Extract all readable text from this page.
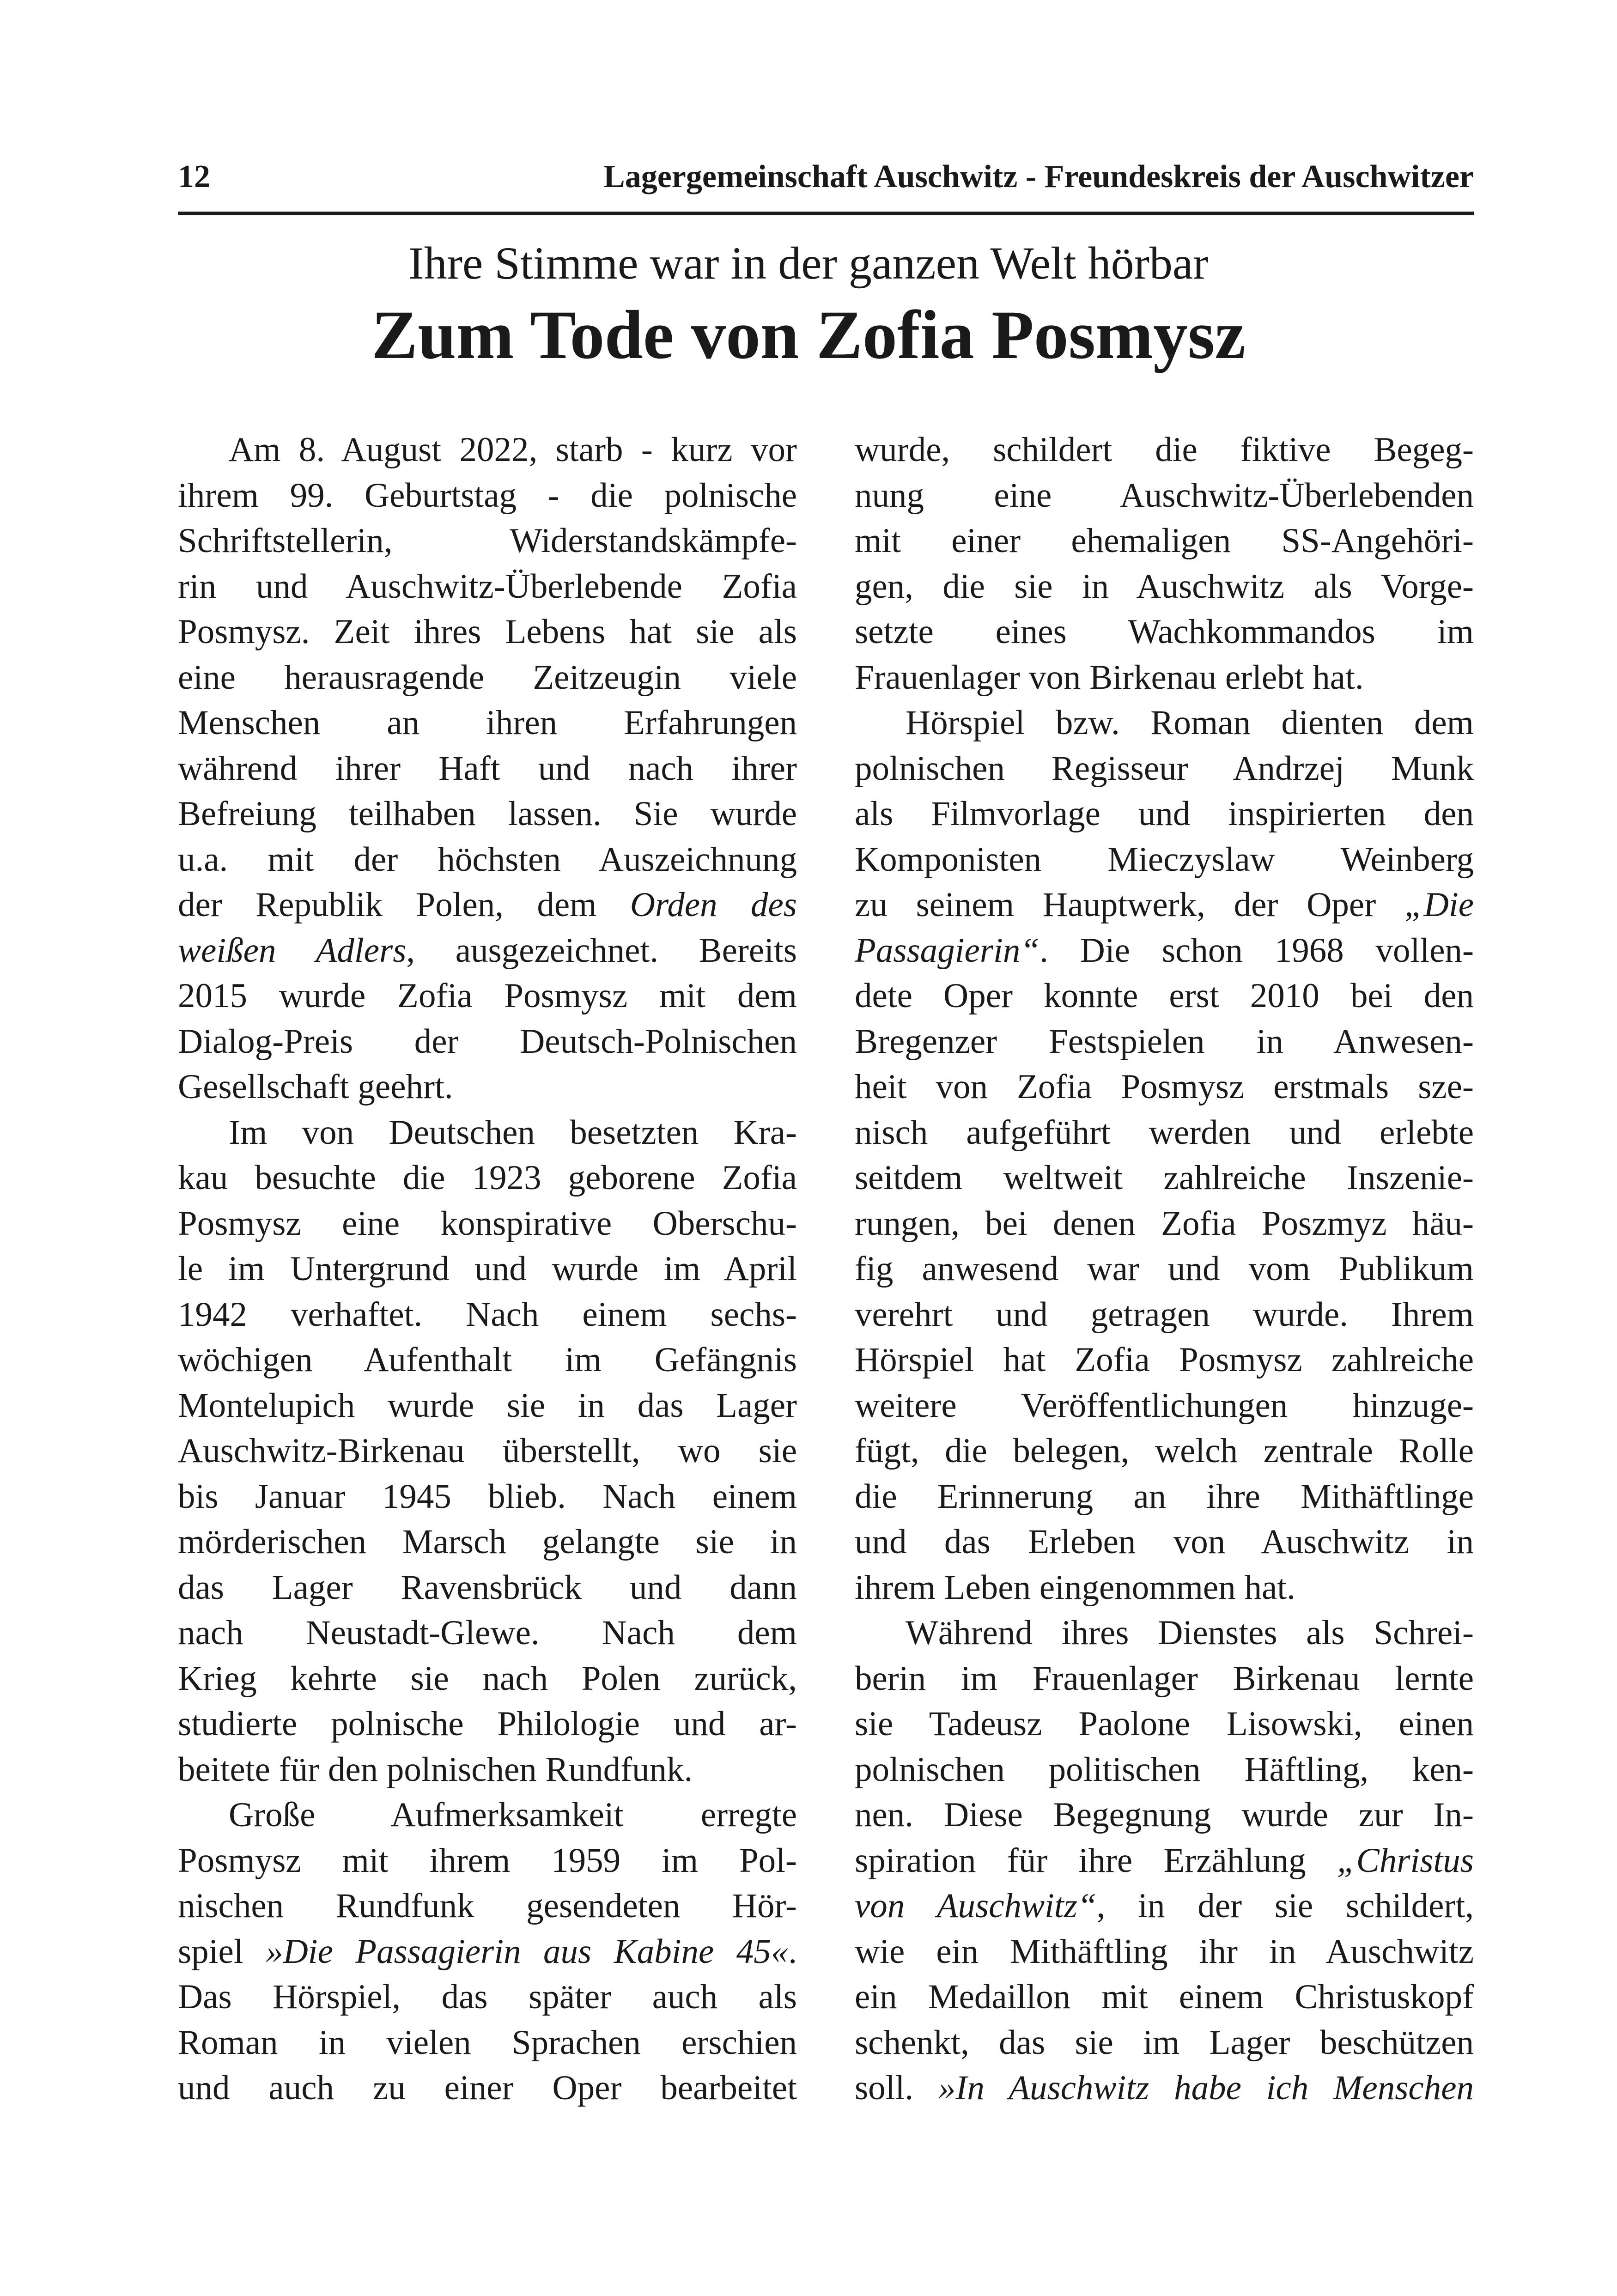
12	Lagergemeinschaft Auschwitz - Freundeskreis der Auschwitzer
Ihre Stimme war in der ganzen Welt hörbar
Zum Tode von Zofia Posmysz
Am 8. August 2022, starb - kurz vor
ihrem 99. Geburtstag - die polnische
Schriftstellerin, Widerstandskämpfe-
rin und Auschwitz-Überlebende Zofia
Posmysz. Zeit ihres Lebens hat sie als
eine herausragende Zeitzeugin viele
Menschen an ihren Erfahrungen
während ihrer Haft und nach ihrer
Befreiung teilhaben lassen. Sie wurde
u.a. mit der höchsten Auszeichnung
der Republik Polen, dem Orden des
weißen Adlers, ausgezeichnet. Bereits
2015 wurde Zofia Posmysz mit dem
Dialog-Preis der Deutsch-Polnischen
Gesellschaft geehrt.
Im von Deutschen besetzten Kra-
kau besuchte die 1923 geborene Zofia
Posmysz eine konspirative Oberschu-
le im Untergrund und wurde im April
1942 verhaftet. Nach einem sechs-
wöchigen Aufenthalt im Gefängnis
Montelupich wurde sie in das Lager
Auschwitz-Birkenau überstellt, wo sie
bis Januar 1945 blieb. Nach einem
mörderischen Marsch gelangte sie in
das Lager Ravensbrück und dann
nach Neustadt-Glewe. Nach dem
Krieg kehrte sie nach Polen zurück,
studierte polnische Philologie und ar-
beitete für den polnischen Rundfunk.
Große Aufmerksamkeit erregte
Posmysz mit ihrem 1959 im Pol-
nischen Rundfunk gesendeten Hör-
spiel »Die Passagierin aus Kabine 45«.
Das Hörspiel, das später auch als
Roman in vielen Sprachen erschien
und auch zu einer Oper bearbeitet
wurde, schildert die fiktive Begeg-
nung eine Auschwitz-Überlebenden
mit einer ehemaligen SS-Angehöri-
gen, die sie in Auschwitz als Vorge-
setzte eines Wachkommandos im
Frauenlager von Birkenau erlebt hat.
Hörspiel bzw. Roman dienten dem
polnischen Regisseur Andrzej Munk
als Filmvorlage und inspirierten den
Komponisten Mieczyslaw Weinberg
zu seinem Hauptwerk, der Oper „Die
Passagierin“. Die schon 1968 vollen-
dete Oper konnte erst 2010 bei den
Bregenzer Festspielen in Anwesen-
heit von Zofia Posmysz erstmals sze-
nisch aufgeführt werden und erlebte
seitdem weltweit zahlreiche Inszenie-
rungen, bei denen Zofia Poszmyz häu-
fig anwesend war und vom Publikum
verehrt und getragen wurde. Ihrem
Hörspiel hat Zofia Posmysz zahlreiche
weitere Veröffentlichungen hinzuge-
fügt, die belegen, welch zentrale Rolle
die Erinnerung an ihre Mithäftlinge
und das Erleben von Auschwitz in
ihrem Leben eingenommen hat.
Während ihres Dienstes als Schrei-
berin im Frauenlager Birkenau lernte
sie Tadeusz Paolone Lisowski, einen
polnischen politischen Häftling, ken-
nen. Diese Begegnung wurde zur In-
spiration für ihre Erzählung „Christus
von Auschwitz“, in der sie schildert,
wie ein Mithäftling ihr in Auschwitz
ein Medaillon mit einem Christuskopf
schenkt, das sie im Lager beschützen
soll. »In Auschwitz habe ich Menschen
